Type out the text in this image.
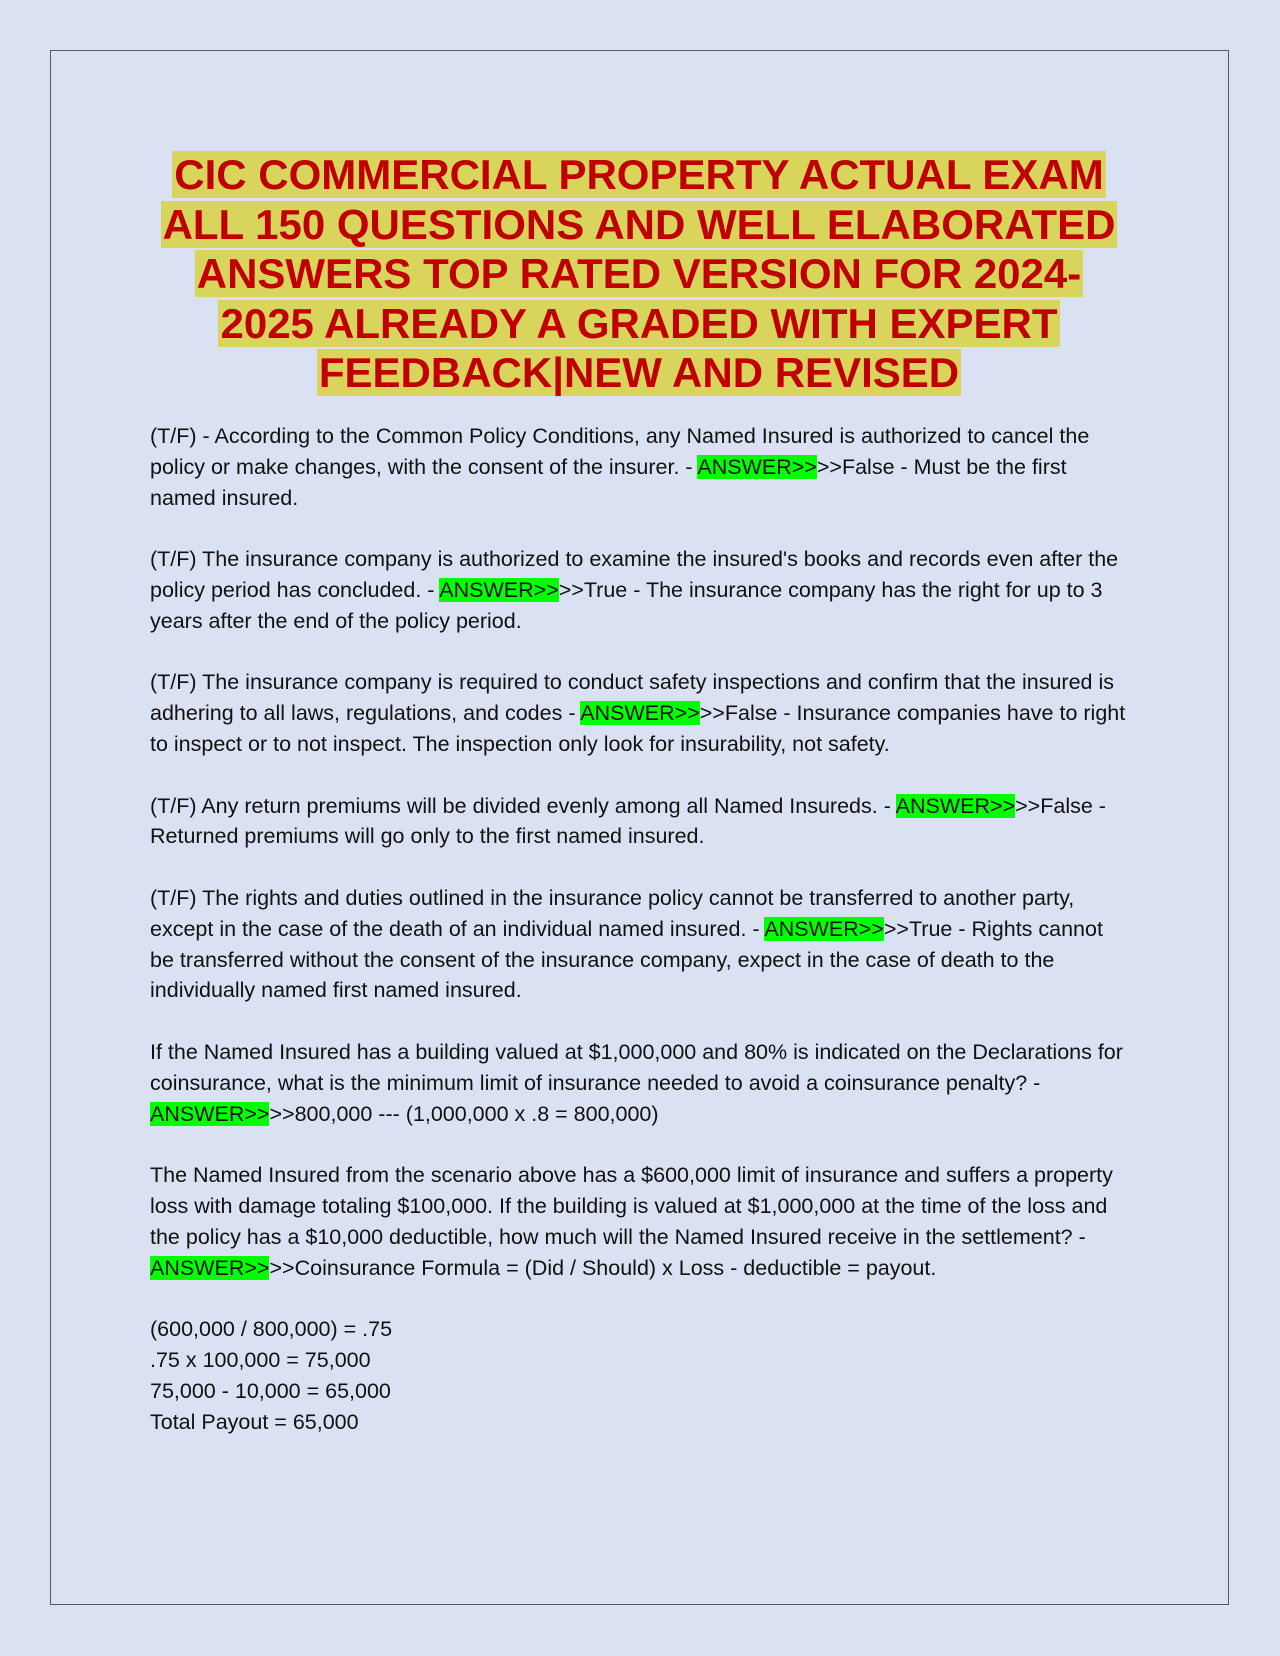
CIC COMMERCIAL PROPERTY ACTUAL EXAM ALL 150 QUESTIONS AND WELL ELABORATED ANSWERS TOP RATED VERSION FOR 2024-2025 ALREADY A GRADED WITH EXPERT FEEDBACK|NEW AND REVISED
(T/F) - According to the Common Policy Conditions, any Named Insured is authorized to cancel the policy or make changes, with the consent of the insurer. - ANSWER>>>>False - Must be the first named insured.
(T/F) The insurance company is authorized to examine the insured's books and records even after the policy period has concluded. - ANSWER>>>>True - The insurance company has the right for up to 3 years after the end of the policy period.
(T/F) The insurance company is required to conduct safety inspections and confirm that the insured is adhering to all laws, regulations, and codes - ANSWER>>>>False - Insurance companies have to right to inspect or to not inspect. The inspection only look for insurability, not safety.
(T/F) Any return premiums will be divided evenly among all Named Insureds. - ANSWER>>>>False - Returned premiums will go only to the first named insured.
(T/F) The rights and duties outlined in the insurance policy cannot be transferred to another party, except in the case of the death of an individual named insured. - ANSWER>>>>True - Rights cannot be transferred without the consent of the insurance company, expect in the case of death to the individually named first named insured.
If the Named Insured has a building valued at $1,000,000 and 80% is indicated on the Declarations for coinsurance, what is the minimum limit of insurance needed to avoid a coinsurance penalty? - ANSWER>>>>800,000 --- (1,000,000 x .8 = 800,000)
The Named Insured from the scenario above has a $600,000 limit of insurance and suffers a property loss with damage totaling $100,000. If the building is valued at $1,000,000 at the time of the loss and the policy has a $10,000 deductible, how much will the Named Insured receive in the settlement? - ANSWER>>>>Coinsurance Formula = (Did / Should) x Loss - deductible = payout.
(600,000 / 800,000) = .75
.75 x 100,000 = 75,000
75,000 - 10,000 = 65,000
Total Payout = 65,000
